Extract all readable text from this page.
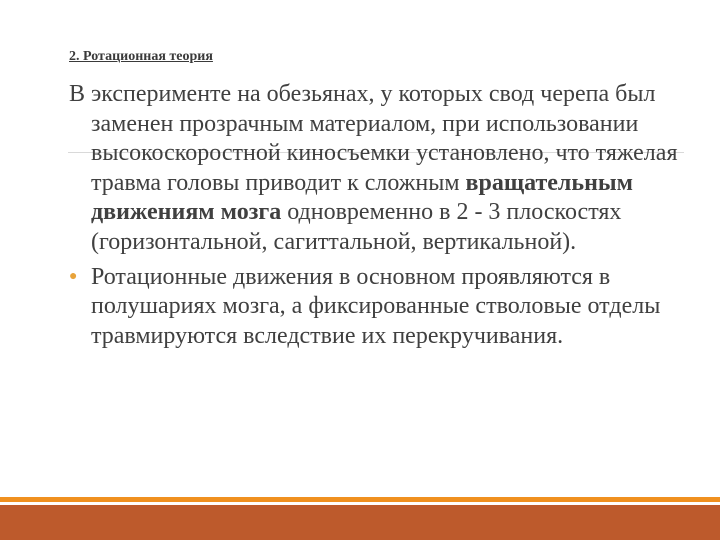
2. Ротационная теория

В эксперименте на обезьянах, у которых свод черепа был заменен прозрачным материалом, при использовании высокоскоростной киносъемки установлено, что тяжелая травма головы приводит к сложным вращательным движениям мозга одновременно в 2 - 3 плоскостях (горизонтальной, сагиттальной, вертикальной).

● Ротационные движения в основном проявляются в полушариях мозга, а фиксированные стволовые отделы травмируются вследствие их перекручивания.
